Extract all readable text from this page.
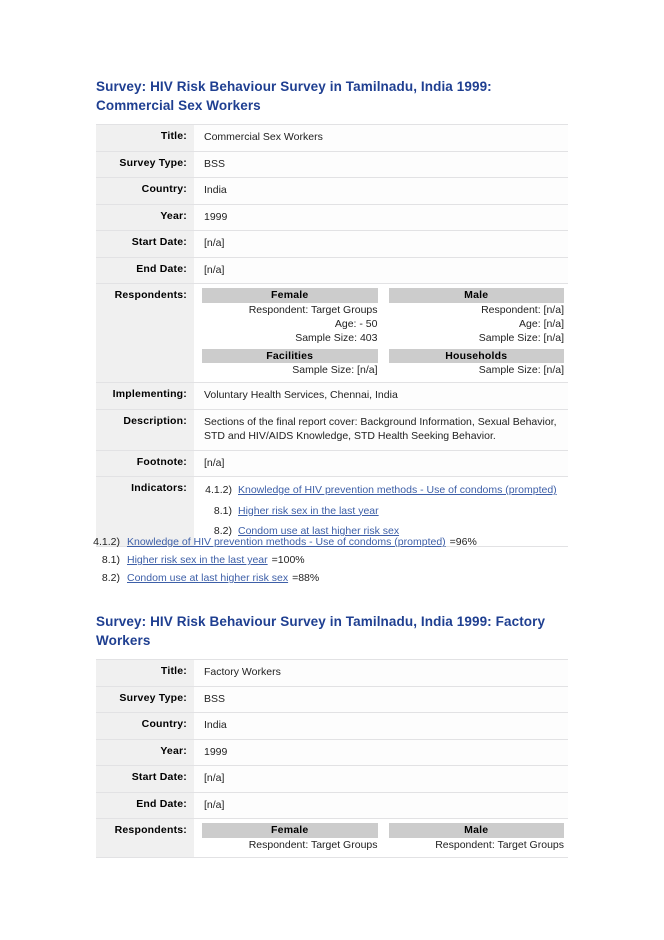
Survey: HIV Risk Behaviour Survey in Tamilnadu, India 1999: Commercial Sex Workers
Title:	Commercial Sex Workers
Survey Type:	BSS
Country:	India
Year:	1999
Start Date:	[n/a]
End Date:	[n/a]
Respondents:		Female	Male
Respondent: Target Groups	Respondent: [n/a]
Age: - 50	Age: [n/a]
Sample Size: 403	Sample Size: [n/a]

Facilities	Households
Sample Size: [n/a]	Sample Size: [n/a]

Implementing:	Voluntary Health Services, Chennai, India
Description:	Sections of the final report cover: Background Information, Sexual Behavior,
STD and HIV/AIDS Knowledge, STD Health Seeking Behavior.

Footnote:	[n/a]
Indicators:	4.1.2) Knowledge of HIV prevention methods - Use of condoms (prompted)
8.1) Higher risk sex in the last year
8.2) Condom use at last higher risk sex
4.1.2) Knowledge of HIV prevention methods - Use of condoms (prompted) =96%
8.1) Higher risk sex in the last year =100%
8.2) Condom use at last higher risk sex =88%
Survey: HIV Risk Behaviour Survey in Tamilnadu, India 1999: Factory Workers
Title:	Factory Workers
Survey Type:	BSS
Country:	India
Year:	1999
Start Date:	[n/a]
End Date:	[n/a]
Respondents:		Female	Male
Respondent: Target Groups	Respondent: Target Groups
